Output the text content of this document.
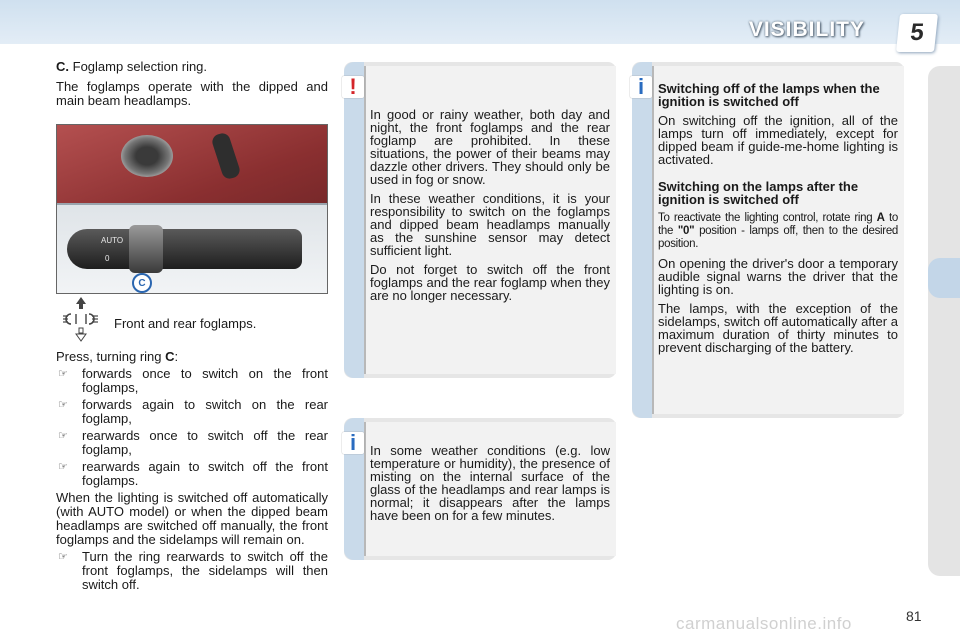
VISIBILITY	5

C. Foglamp selection ring.

The foglamps operate with the dipped and main beam headlamps.

AUTO
0
C
Front and rear foglamps.

Press, turning ring C:

☞	forwards once to switch on the front foglamps,
☞	forwards again to switch on the rear foglamp,
☞	rearwards once to switch off the rear foglamp,
☞	rearwards again to switch off the front foglamps.

When the lighting is switched off automatically (with AUTO model) or when the dipped beam headlamps are switched off manually, the front foglamps and the sidelamps will remain on.

☞	Turn the ring rearwards to switch off the front foglamps, the sidelamps will then switch off.
!

In good or rainy weather, both day and night, the front foglamps and the rear foglamp are prohibited. In these situations, the power of their beams may dazzle other drivers. They should only be used in fog or snow.

In these weather conditions, it is your responsibility to switch on the foglamps and dipped beam headlamps manually as the sunshine sensor may detect sufficient light.

Do not forget to switch off the front foglamps and the rear foglamp when they are no longer necessary.

i	In some weather conditions (e.g. low temperature or humidity), the presence of misting on the internal surface of the glass of the headlamps and rear lamps is normal; it disappears after the lamps have been on for a few minutes.

i	Switching off of the lamps when the ignition is switched off

On switching off the ignition, all of the lamps turn off immediately, except for dipped beam if guide-me-home lighting is activated.

Switching on the lamps after the ignition is switched off

To reactivate the lighting control, rotate ring A to the "0" position - lamps off, then to the desired position.

On opening the driver's door a temporary audible signal warns the driver that the lighting is on.

The lamps, with the exception of the sidelamps, switch off automatically after a maximum duration of thirty minutes to prevent discharging of the battery.

81
carmanualsonline.info
